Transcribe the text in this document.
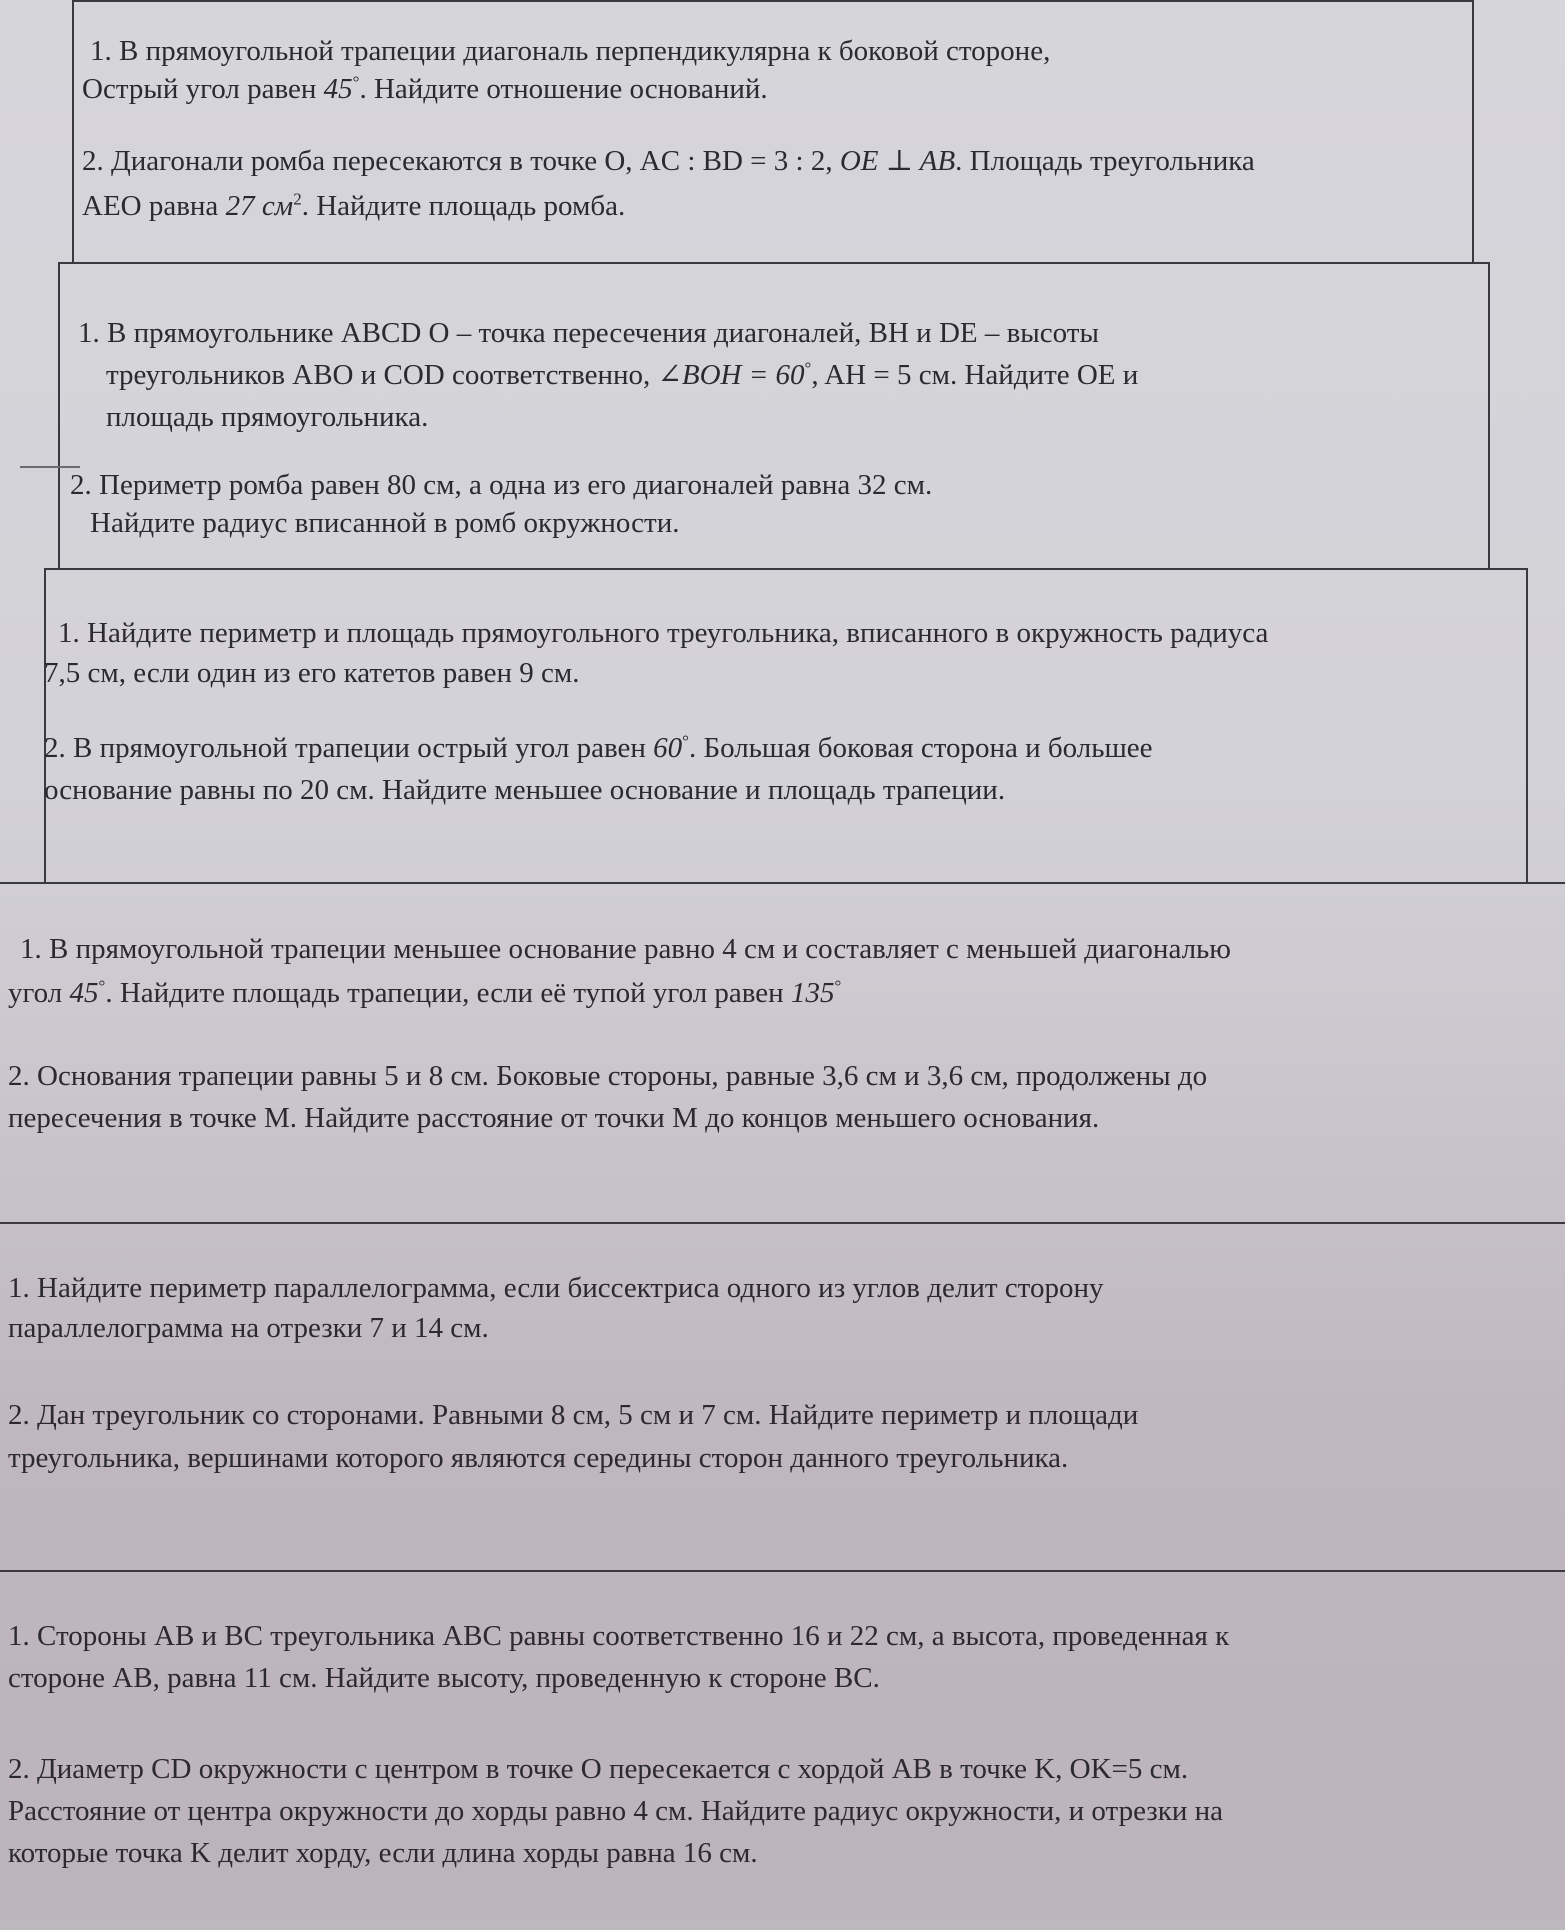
1. В прямоугольной трапеции диагональ перпендикулярна к боковой стороне,

Острый угол равен 45°. Найдите отношение оснований.

2. Диагонали ромба пересекаются в точке О, AC : BD = 3 : 2, OE ⊥ AB. Площадь треугольника

AEO равна 27 $см^2$. Найдите площадь ромба.

1. В прямоугольнике ABCD O – точка пересечения диагоналей, BH и DE – высоты

треугольников ABO и COD соответственно, ∠BOH = 60°, AH = 5 см. Найдите OE и

площадь прямоугольника.

2. Периметр ромба равен 80 см, а одна из его диагоналей равна 32 см.

Найдите радиус вписанной в ромб окружности.

1. Найдите периметр и площадь прямоугольного треугольника, вписанного в окружность радиуса

7,5 см, если один из его катетов равен 9 см.

2. В прямоугольной трапеции острый угол равен 60°. Большая боковая сторона и большее

основание равны по 20 см. Найдите меньшее основание и площадь трапеции.

1. В прямоугольной трапеции меньшее основание равно 4 см и составляет с меньшей диагональю

угол 45°. Найдите площадь трапеции, если её тупой угол равен 135°

2. Основания трапеции равны 5 и 8 см. Боковые стороны, равные 3,6 см и 3,6 см, продолжены до

пересечения в точке М. Найдите расстояние от точки М до концов меньшего основания.

1. Найдите периметр параллелограмма, если биссектриса одного из углов делит сторону

параллелограмма на отрезки 7 и 14 см.

2. Дан треугольник со сторонами. Равными 8 см, 5 см и 7 см. Найдите периметр и площади

треугольника, вершинами которого являются середины сторон данного треугольника.

1. Стороны AB и BC треугольника ABC равны соответственно 16 и 22 см, а высота, проведенная к

стороне AB, равна 11 см. Найдите высоту, проведенную к стороне BC.

2. Диаметр CD окружности с центром в точке О пересекается с хордой AB в точке K, OK=5 см.

Расстояние от центра окружности до хорды равно 4 см. Найдите радиус окружности, и отрезки на

которые точка K делит хорду, если длина хорды равна 16 см.
